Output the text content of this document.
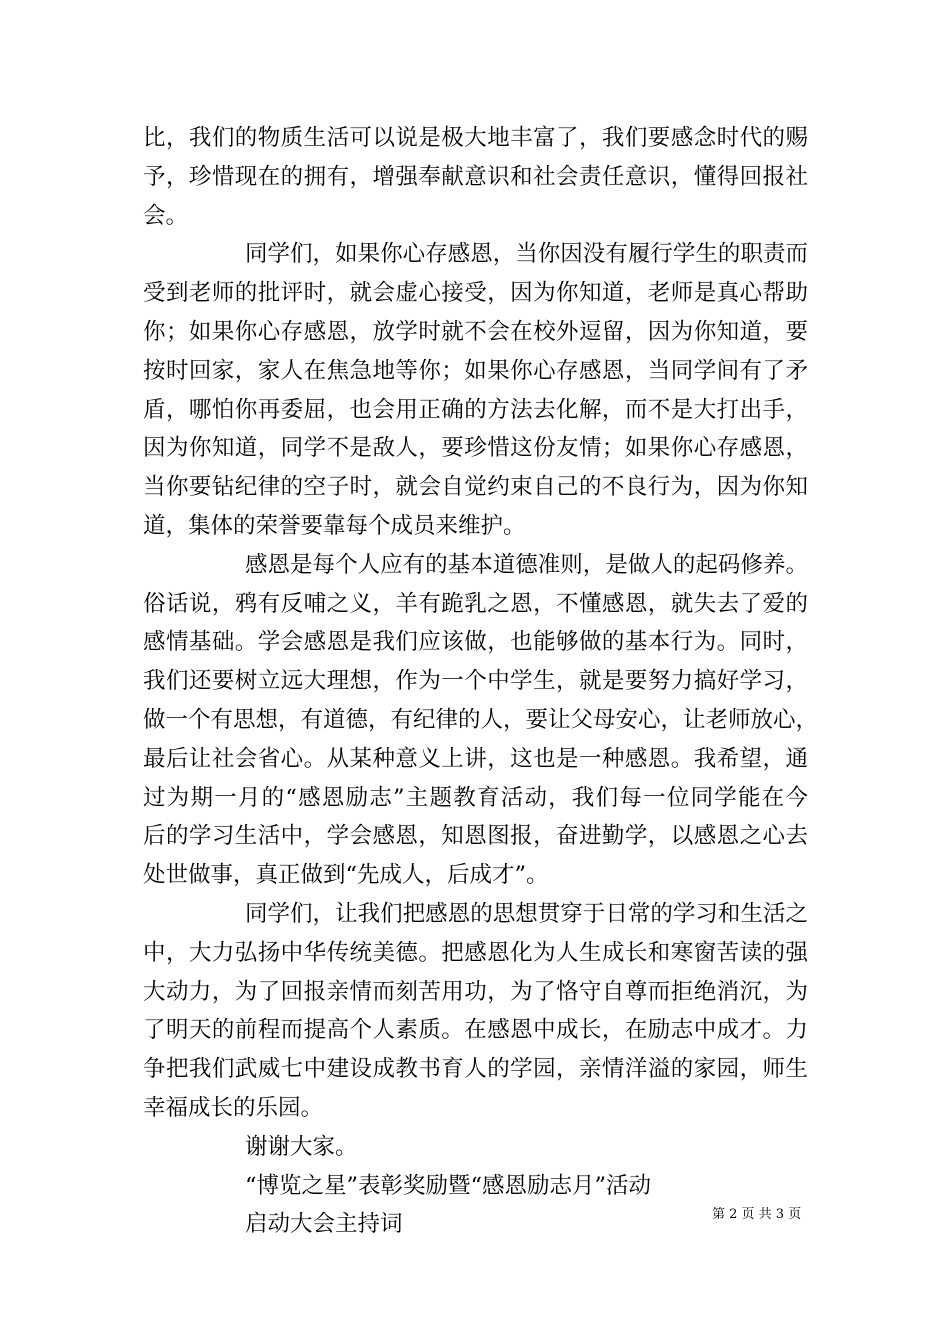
比，我们的物质生活可以说是极大地丰富了，我们要感念时代的赐
予，珍惜现在的拥有，增强奉献意识和社会责任意识，懂得回报社
会。
同学们，如果你心存感恩，当你因没有履行学生的职责而
受到老师的批评时，就会虚心接受，因为你知道，老师是真心帮助
你；如果你心存感恩，放学时就不会在校外逗留，因为你知道，要
按时回家，家人在焦急地等你；如果你心存感恩，当同学间有了矛
盾，哪怕你再委屈，也会用正确的方法去化解，而不是大打出手，
因为你知道，同学不是敌人，要珍惜这份友情；如果你心存感恩，
当你要钻纪律的空子时，就会自觉约束自己的不良行为，因为你知
道，集体的荣誉要靠每个成员来维护。
感恩是每个人应有的基本道德准则，是做人的起码修养。
俗话说，鸦有反哺之义，羊有跪乳之恩，不懂感恩，就失去了爱的
感情基础。学会感恩是我们应该做，也能够做的基本行为。同时，
我们还要树立远大理想，作为一个中学生，就是要努力搞好学习，
做一个有思想，有道德，有纪律的人，要让父母安心，让老师放心，
最后让社会省心。从某种意义上讲，这也是一种感恩。我希望，通
过为期一月的“感恩励志”主题教育活动，我们每一位同学能在今
后的学习生活中，学会感恩，知恩图报，奋进勤学，以感恩之心去
处世做事，真正做到“先成人，后成才”。
同学们，让我们把感恩的思想贯穿于日常的学习和生活之
中，大力弘扬中华传统美德。把感恩化为人生成长和寒窗苦读的强
大动力，为了回报亲情而刻苦用功，为了恪守自尊而拒绝消沉，为
了明天的前程而提高个人素质。在感恩中成长，在励志中成才。力
争把我们武威七中建设成教书育人的学园，亲情洋溢的家园，师生
幸福成长的乐园。
谢谢大家。
“博览之星”表彰奖励暨“感恩励志月”活动
启动大会主持词	第 2 页 共 3 页
